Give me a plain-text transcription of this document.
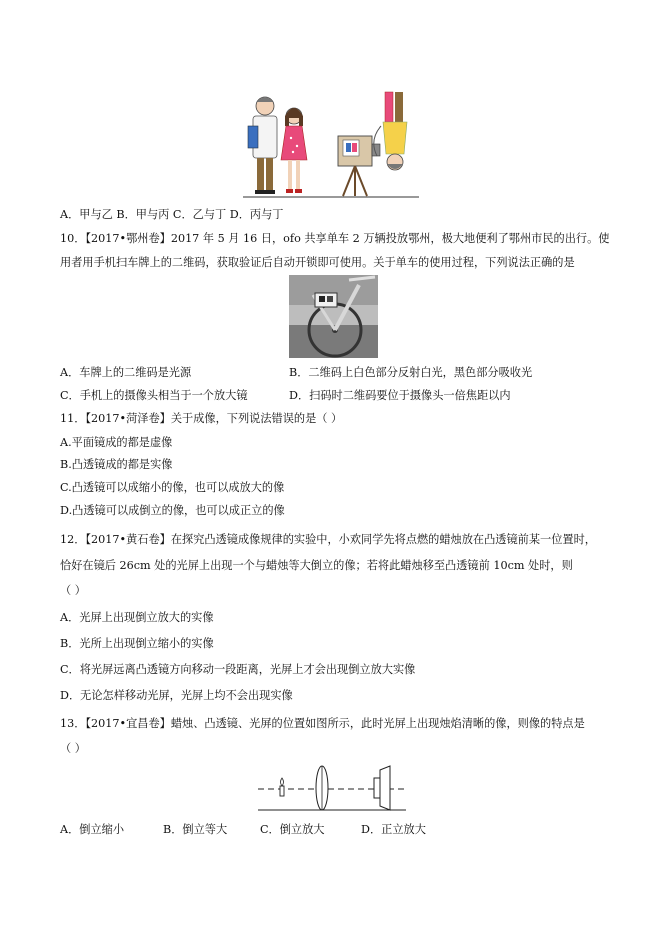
A．甲与乙 B．甲与丙 C．乙与丁 D．丙与丁
10．【2017•鄂州卷】2017 年 5 月 16 日，ofo 共享单车 2 万辆投放鄂州，极大地便利了鄂州市民的出行。使
用者用手机扫车牌上的二维码，获取验证后自动开锁即可使用。关于单车的使用过程，下列说法正确的是
A．车牌上的二维码是光源	B．二维码上白色部分反射白光，黑色部分吸收光
C．手机上的摄像头相当于一个放大镜	D．扫码时二维码要位于摄像头一倍焦距以内
11．【2017•菏泽卷】关于成像，下列说法错误的是（ ）
A.平面镜成的都是虚像
B.凸透镜成的都是实像
C.凸透镜可以成缩小的像，也可以成放大的像
D.凸透镜可以成倒立的像，也可以成正立的像
12．【2017•黄石卷】在探究凸透镜成像规律的实验中，小欢同学先将点燃的蜡烛放在凸透镜前某一位置时，
恰好在镜后 26cm 处的光屏上出现一个与蜡烛等大倒立的像；若将此蜡烛移至凸透镜前 10cm 处时，则
（ ）
A．光屏上出现倒立放大的实像
B．光所上出现倒立缩小的实像
C．将光屏远离凸透镜方向移动一段距离，光屏上才会出现倒立放大实像
D．无论怎样移动光屏，光屏上均不会出现实像
13．【2017•宜昌卷】蜡烛、凸透镜、光屏的位置如图所示，此时光屏上出现烛焰清晰的像，则像的特点是
（ ）
A．倒立缩小	B．倒立等大	C．倒立放大	D．正立放大
